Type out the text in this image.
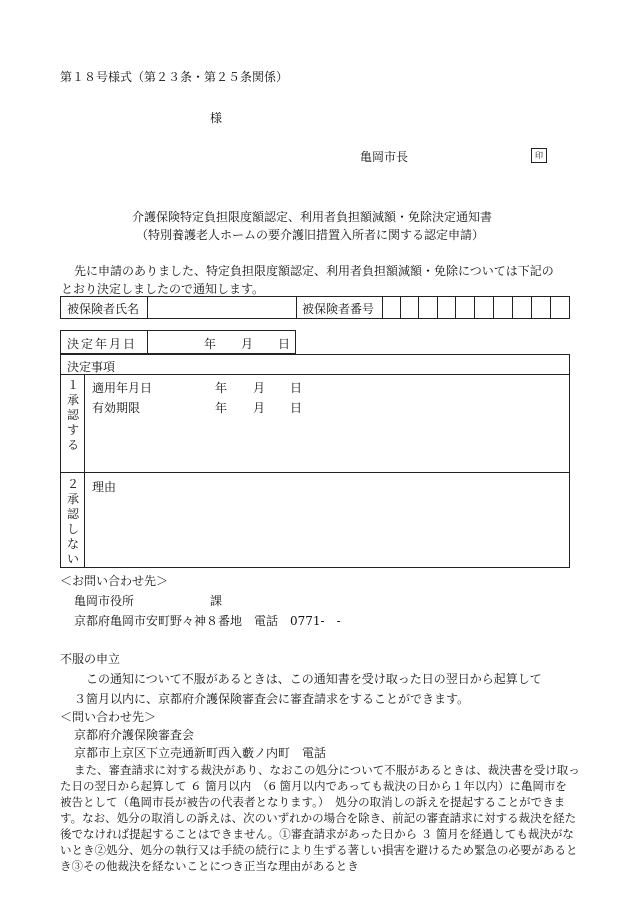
第１８号様式（第２３条・第２５条関係）
様
亀岡市長	印
介護保険特定負担限度額認定、利用者負担額減額・免除決定通知書
（特別養護老人ホームの要介護旧措置入所者に関する認定申請）
先に申請のありました、特定負担限度額認定、利用者負担額減額・免除については下記の
とおり決定しましたので通知します。
被保険者氏名	被保険者番号
決定年月日	年 月 日
決定事項
１承認する
適用年月日	年 月 日
有効期限	年 月 日
２承認しない
理由
＜お問い合わせ先＞
亀岡市役所	課
京都府亀岡市安町野々神８番地　電話　0771-　-
不服の申立
この通知について不服があるときは、この通知書を受け取った日の翌日から起算して
３箇月以内に、京都府介護保険審査会に審査請求をすることができます。
＜問い合わせ先＞
京都府介護保険審査会
京都市上京区下立売通新町西入藪ノ内町　電話
また、審査請求に対する裁決があり、なおこの処分について不服があるときは、裁決書を受け取っ
た日の翌日から起算して ６ 箇月以内　（6 箇月以内であっても裁決の日から１年以内）に亀岡市を
被告として（亀岡市長が被告の代表者となります。）　処分の取消しの訴えを提起することができま
す。なお、処分の取消しの訴えは、次のいずれかの場合を除き、前記の審査請求に対する裁決を経た
後でなければ提起することはできません。①審査請求があった日から ３ 箇月を経過しても裁決がな
いとき②処分、処分の執行又は手続の続行により生ずる著しい損害を避けるため緊急の必要があると
き③その他裁決を経ないことにつき正当な理由があるとき
